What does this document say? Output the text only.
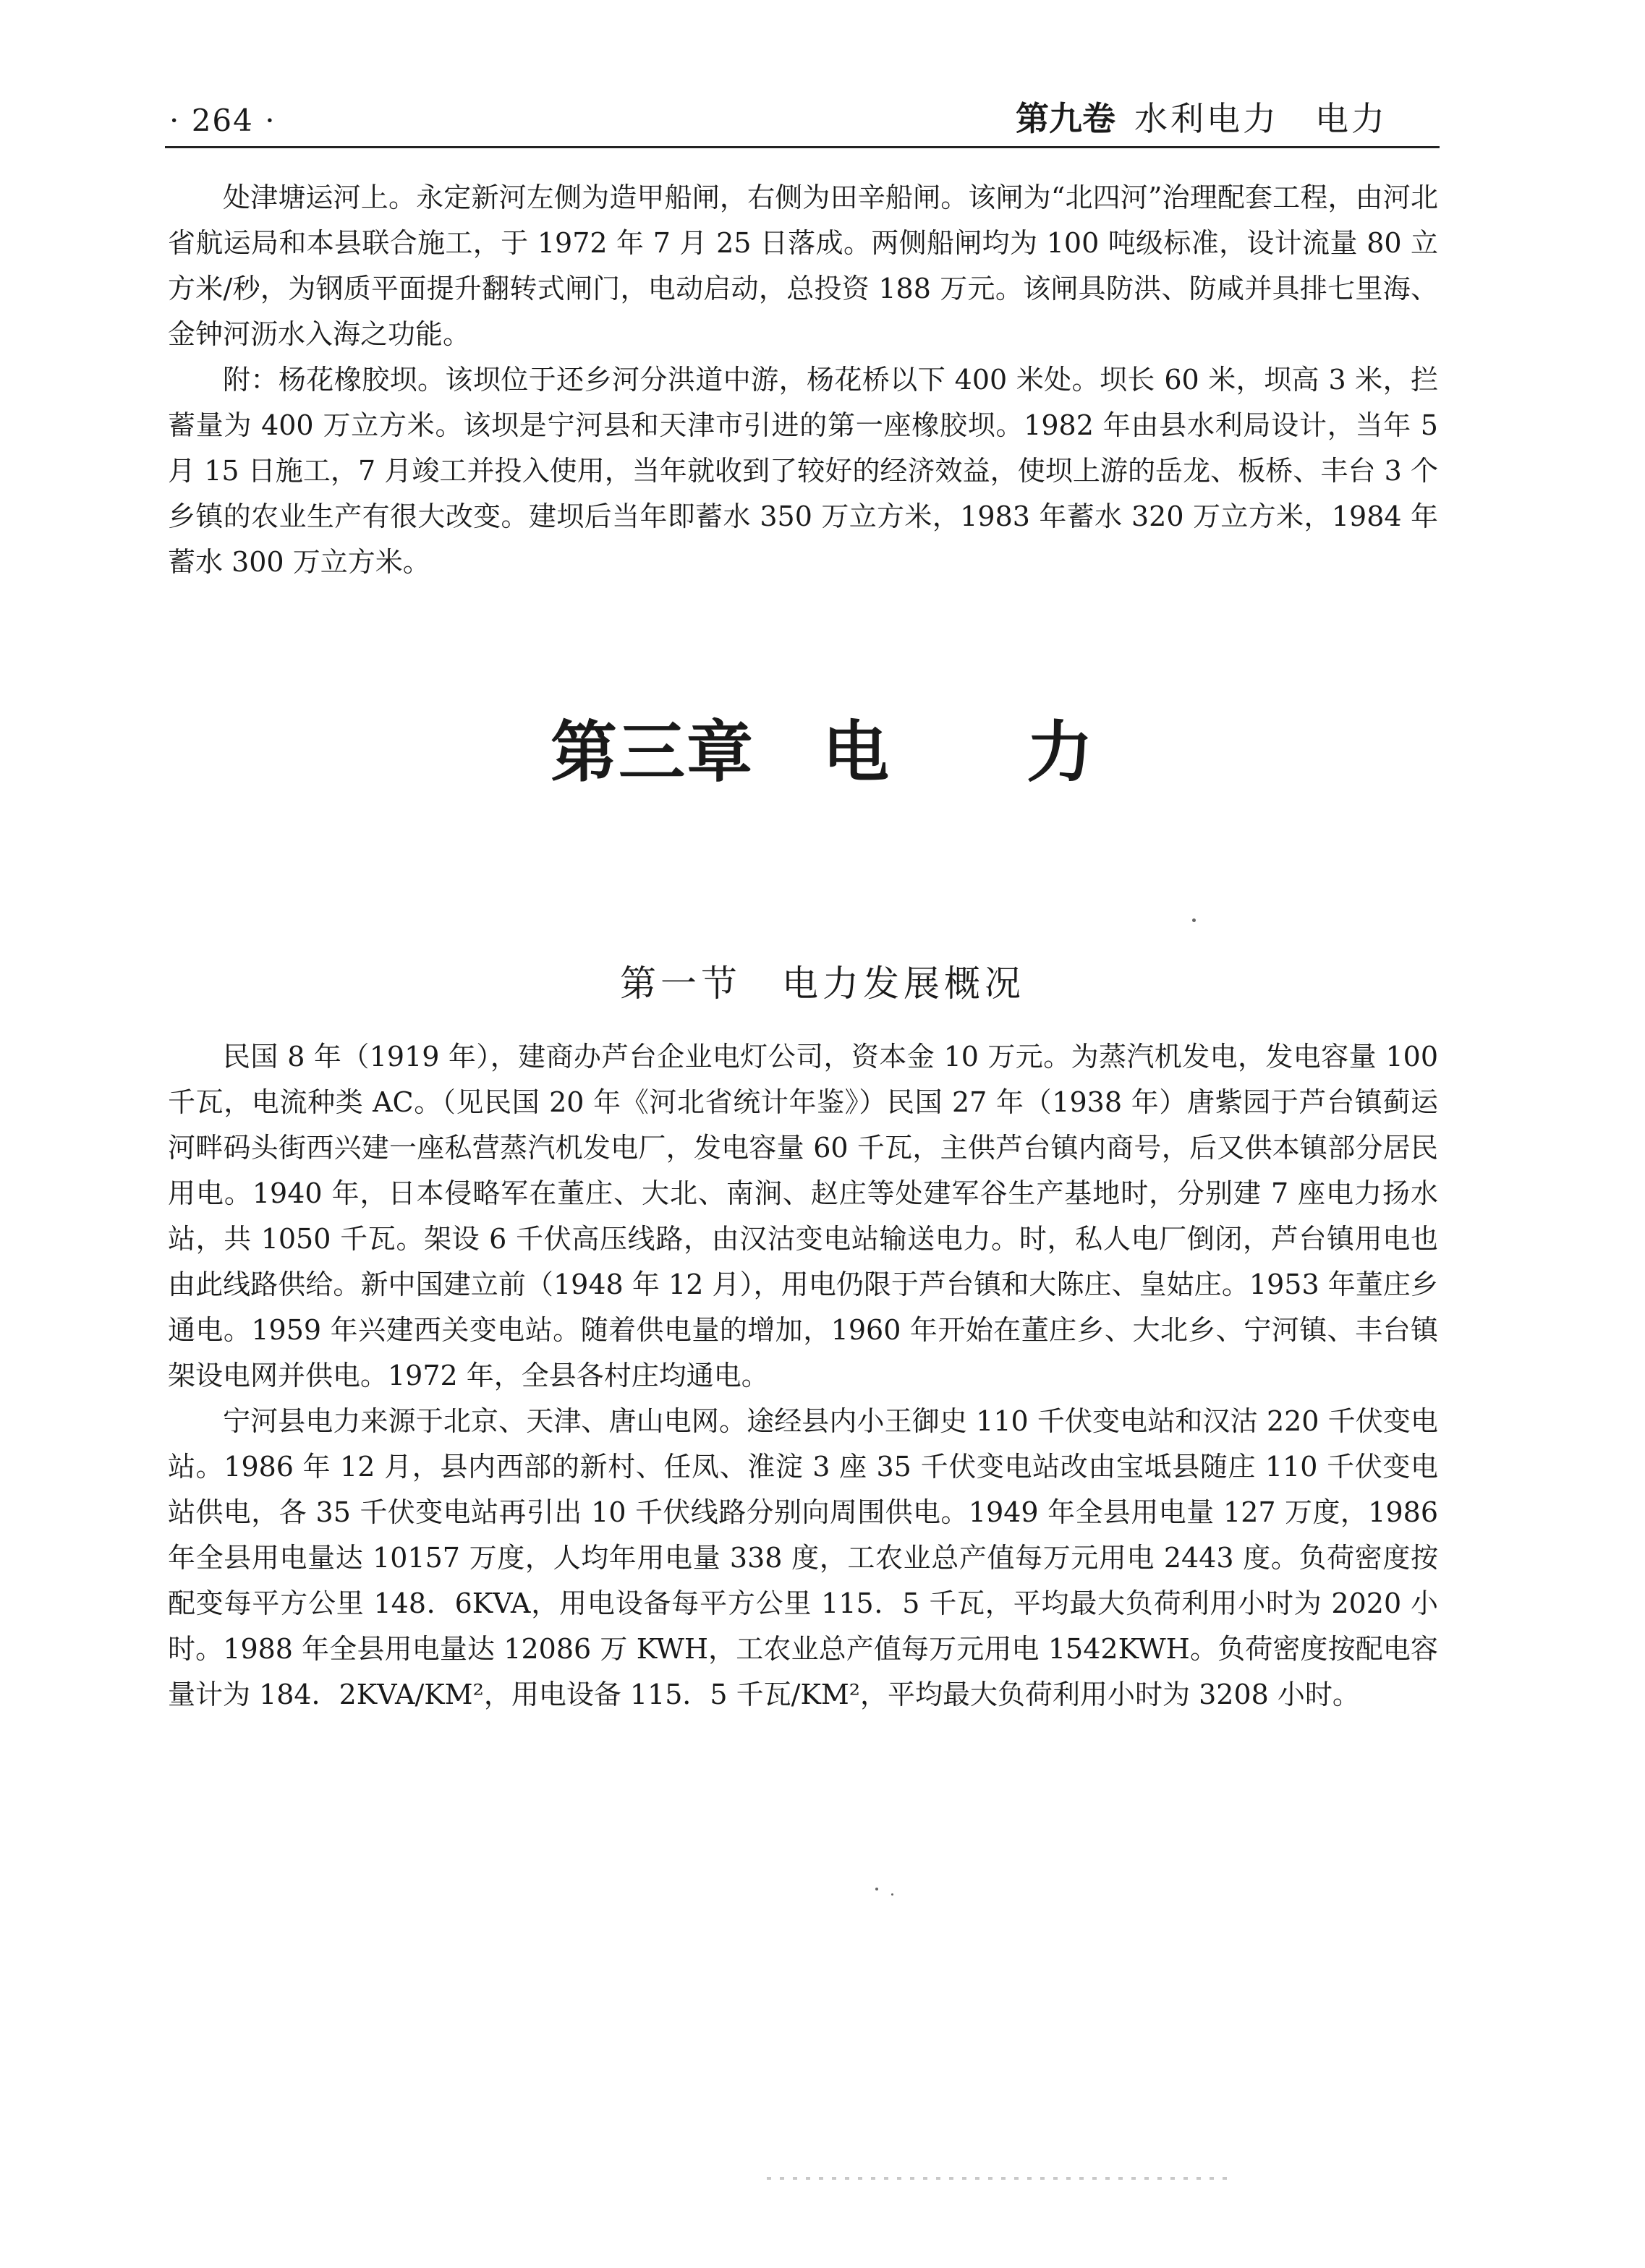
· 264 ·	第九卷 水利电力　电力

处津塘运河上。永定新河左侧为造甲船闸，右侧为田辛船闸。该闸为“北四河”治理配套工程，由河北省航运局和本县联合施工，于 1972 年 7 月 25 日落成。两侧船闸均为 100 吨级标准，设计流量 80 立方米/秒，为钢质平面提升翻转式闸门，电动启动，总投资 188 万元。该闸具防洪、防咸并具排七里海、金钟河沥水入海之功能。

附：杨花橡胶坝。该坝位于还乡河分洪道中游，杨花桥以下 400 米处。坝长 60 米，坝高 3 米，拦蓄量为 400 万立方米。该坝是宁河县和天津市引进的第一座橡胶坝。1982 年由县水利局设计，当年 5 月 15 日施工，7 月竣工并投入使用，当年就收到了较好的经济效益，使坝上游的岳龙、板桥、丰台 3 个乡镇的农业生产有很大改变。建坝后当年即蓄水 350 万立方米，1983 年蓄水 320 万立方米，1984 年蓄水 300 万立方米。

第三章　电　　力
第一节　电力发展概况

民国 8 年（1919 年），建商办芦台企业电灯公司，资本金 10 万元。为蒸汽机发电，发电容量 100 千瓦，电流种类 AC。（见民国 20 年《河北省统计年鉴》）民国 27 年（1938 年）唐紫园于芦台镇蓟运河畔码头街西兴建一座私营蒸汽机发电厂，发电容量 60 千瓦，主供芦台镇内商号，后又供本镇部分居民用电。1940 年，日本侵略军在董庄、大北、南涧、赵庄等处建军谷生产基地时，分别建 7 座电力扬水站，共 1050 千瓦。架设 6 千伏高压线路，由汉沽变电站输送电力。时，私人电厂倒闭，芦台镇用电也由此线路供给。新中国建立前（1948 年 12 月），用电仍限于芦台镇和大陈庄、皇姑庄。1953 年董庄乡通电。1959 年兴建西关变电站。随着供电量的增加，1960 年开始在董庄乡、大北乡、宁河镇、丰台镇架设电网并供电。1972 年，全县各村庄均通电。

宁河县电力来源于北京、天津、唐山电网。途经县内小王御史 110 千伏变电站和汉沽 220 千伏变电站。1986 年 12 月，县内西部的新村、任凤、淮淀 3 座 35 千伏变电站改由宝坻县随庄 110 千伏变电站供电，各 35 千伏变电站再引出 10 千伏线路分别向周围供电。1949 年全县用电量 127 万度，1986 年全县用电量达 10157 万度，人均年用电量 338 度，工农业总产值每万元用电 2443 度。负荷密度按配变每平方公里 148．6KVA，用电设备每平方公里 115．5 千瓦，平均最大负荷利用小时为 2020 小时。1988 年全县用电量达 12086 万 KWH，工农业总产值每万元用电 1542KWH。负荷密度按配电容量计为 184．2KVA/KM²，用电设备 115．5 千瓦/KM²，平均最大负荷利用小时为 3208 小时。
